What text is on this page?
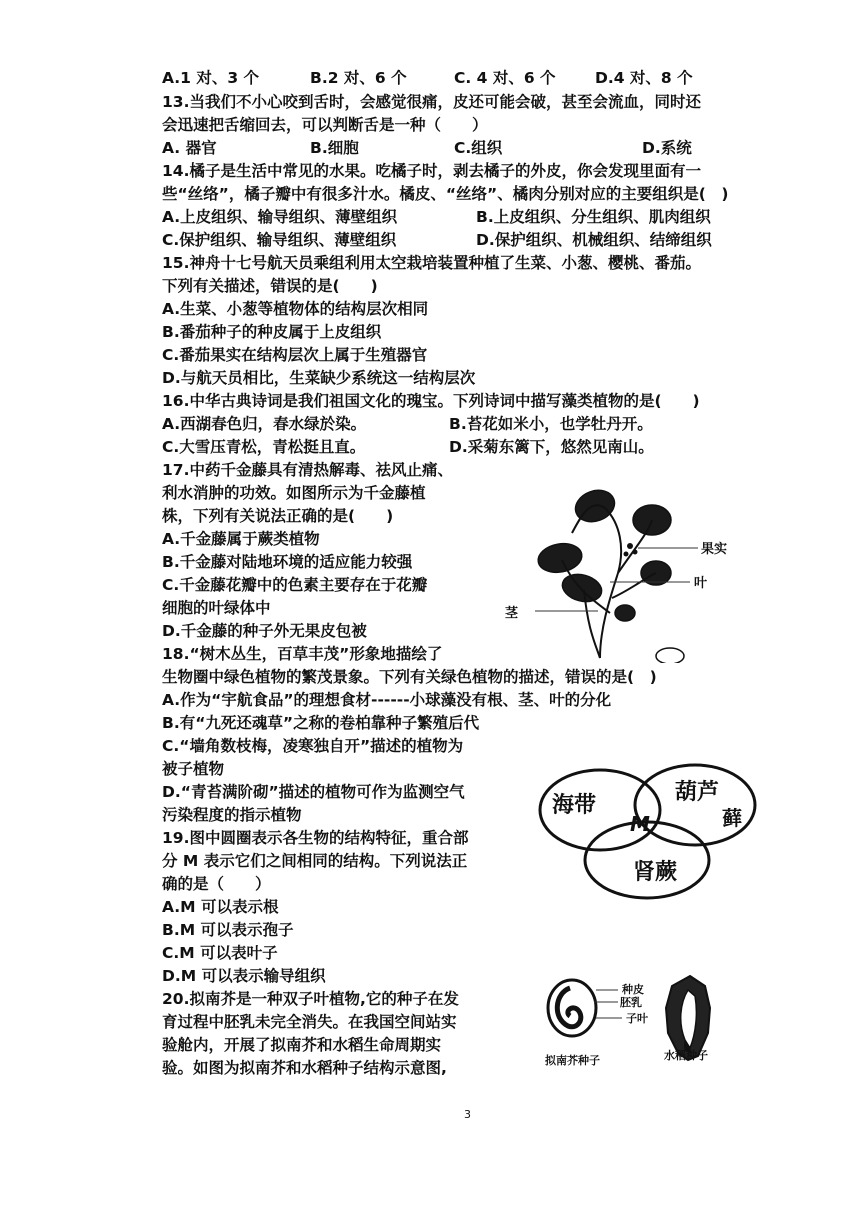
A.1 对、3 个	B.2 对、6 个	C. 4 对、6 个	D.4 对、8 个
13.当我们不小心咬到舌时，会感觉很痛，皮还可能会破，甚至会流血，同时还
会迅速把舌缩回去，可以判断舌是一种（　　）
A. 器官	B.细胞	C.组织	D.系统
14.橘子是生活中常见的水果。吃橘子时，剥去橘子的外皮，你会发现里面有一
些“丝络”，橘子瓣中有很多汁水。橘皮、“丝络”、橘肉分别对应的主要组织是(　)
A.上皮组织、输导组织、薄壁组织	B.上皮组织、分生组织、肌肉组织
C.保护组织、输导组织、薄壁组织	D.保护组织、机械组织、结缔组织
15.神舟十七号航天员乘组利用太空栽培装置种植了生菜、小葱、樱桃、番茄。
下列有关描述，错误的是(　　)
A.生菜、小葱等植物体的结构层次相同
B.番茄种子的种皮属于上皮组织
C.番茄果实在结构层次上属于生殖器官
D.与航天员相比，生菜缺少系统这一结构层次
16.中华古典诗词是我们祖国文化的瑰宝。下列诗词中描写藻类植物的是(　　)
A.西湖春色归，春水绿於染。	B.苔花如米小，也学牡丹开。
C.大雪压青松，青松挺且直。	D.采菊东篱下，悠然见南山。
17.中药千金藤具有清热解毒、祛风止痛、
利水消肿的功效。如图所示为千金藤植
株，下列有关说法正确的是(　　)
A.千金藤属于蕨类植物
B.千金藤对陆地环境的适应能力较强
C.千金藤花瓣中的色素主要存在于花瓣
细胞的叶绿体中
D.千金藤的种子外无果皮包被
果实
叶
茎
18.“树木丛生，百草丰茂”形象地描绘了
生物圈中绿色植物的繁茂景象。下列有关绿色植物的描述，错误的是(　)
A.作为“宇航食品”的理想食材------小球藻没有根、茎、叶的分化
B.有“九死还魂草”之称的卷柏靠种子繁殖后代
C.“墙角数枝梅，凌寒独自开”描述的植物为
被子植物
D.“青苔满阶砌”描述的植物可作为监测空气
污染程度的指示植物	海带
葫芦
藓
M
肾蕨
19.图中圆圈表示各生物的结构特征，重合部
分 M 表示它们之间相同的结构。下列说法正
确的是（　　）
A.M 可以表示根
B.M 可以表示孢子
C.M 可以表叶子
D.M 可以表示输导组织
20.拟南芥是一种双子叶植物,它的种子在发
育过程中胚乳未完全消失。在我国空间站实
验舱内，开展了拟南芥和水稻生命周期实
验。如图为拟南芥和水稻种子结构示意图,
种皮
胚乳
子叶
拟南芥种子	水稻种子
3
